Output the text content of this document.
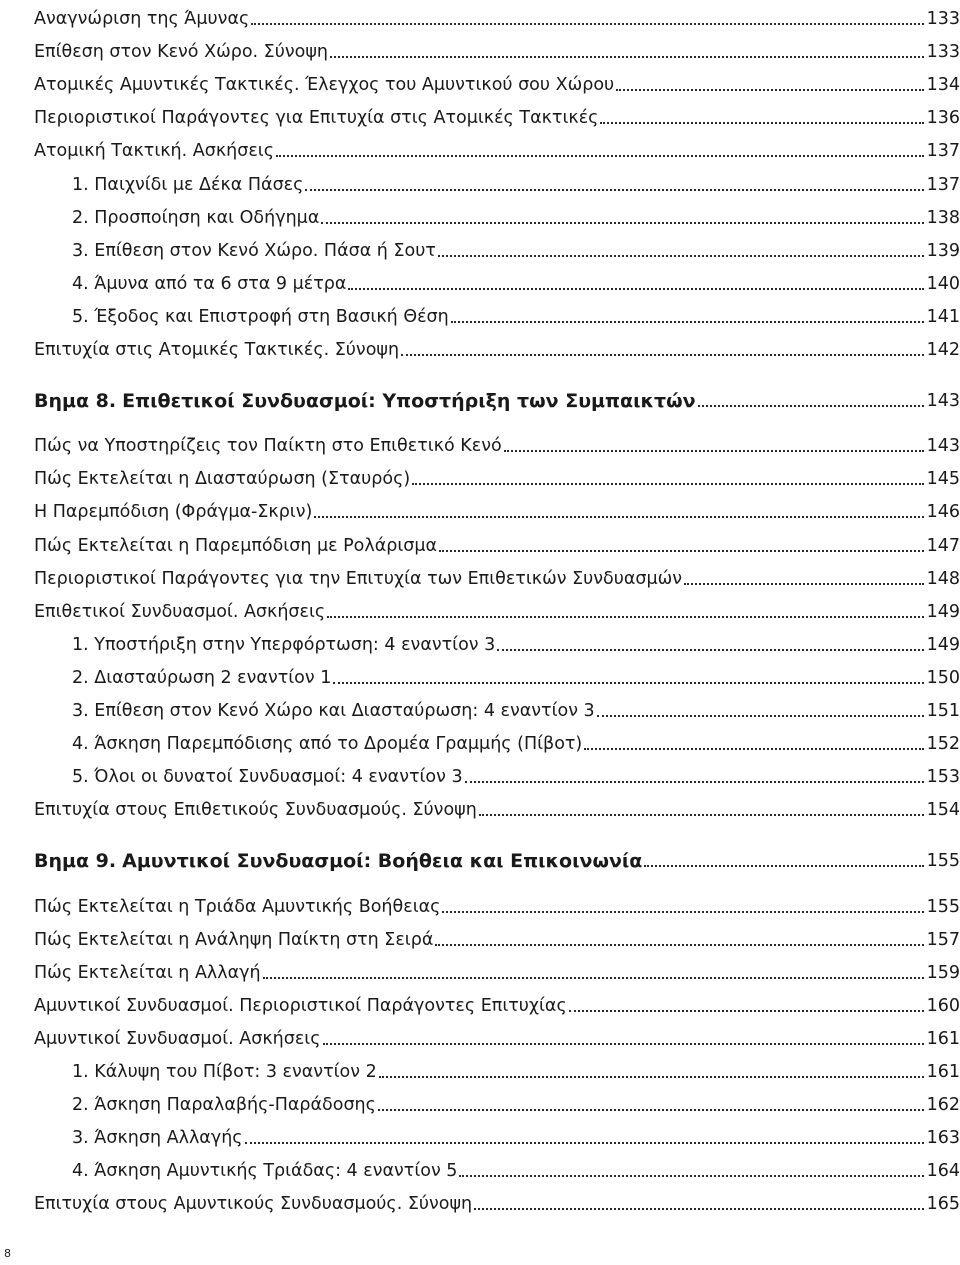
Αναγνώριση της Άμυνας	133
Επίθεση στον Κενό Χώρο. Σύνοψη	133
Ατομικές Αμυντικές Τακτικές. Έλεγχος του Αμυντικού σου Χώρου	134
Περιοριστικοί Παράγοντες για Επιτυχία στις Ατομικές Τακτικές	136
Ατομική Τακτική. Ασκήσεις	137
1. Παιχνίδι με Δέκα Πάσες	137
2. Προσποίηση και Οδήγημα	138
3. Επίθεση στον Κενό Χώρο. Πάσα ή Σουτ	139
4. Άμυνα από τα 6 στα 9 μέτρα	140
5. Έξοδος και Επιστροφή στη Βασική Θέση	141
Επιτυχία στις Ατομικές Τακτικές. Σύνοψη	142
Βημα 8. Επιθετικοί Συνδυασμοί: Υποστήριξη των Συμπαικτών	143
Πώς να Υποστηρίζεις τον Παίκτη στο Επιθετικό Κενό	143
Πώς Εκτελείται η Διασταύρωση (Σταυρός)	145
Η Παρεμπόδιση (Φράγμα-Σκριν)	146
Πώς Εκτελείται η Παρεμπόδιση με Ρολάρισμα	147
Περιοριστικοί Παράγοντες για την Επιτυχία των Επιθετικών Συνδυασμών	148
Επιθετικοί Συνδυασμοί. Ασκήσεις	149
1. Υποστήριξη στην Υπερφόρτωση: 4 εναντίον 3	149
2. Διασταύρωση 2 εναντίον 1	150
3. Επίθεση στον Κενό Χώρο και Διασταύρωση: 4 εναντίον 3	151
4. Άσκηση Παρεμπόδισης από το Δρομέα Γραμμής (Πίβοτ)	152
5. Όλοι οι δυνατοί Συνδυασμοί: 4 εναντίον 3	153
Επιτυχία στους Επιθετικούς Συνδυασμούς. Σύνοψη	154
Βημα 9. Αμυντικοί Συνδυασμοί: Βοήθεια και Επικοινωνία	155
Πώς Εκτελείται η Τριάδα Αμυντικής Βοήθειας	155
Πώς Εκτελείται η Ανάληψη Παίκτη στη Σειρά	157
Πώς Εκτελείται η Αλλαγή	159
Αμυντικοί Συνδυασμοί. Περιοριστικοί Παράγοντες Επιτυχίας	160
Αμυντικοί Συνδυασμοί. Ασκήσεις	161
1. Κάλυψη του Πίβοτ: 3 εναντίον 2	161
2. Άσκηση Παραλαβής-Παράδοσης	162
3. Άσκηση Αλλαγής	163
4. Άσκηση Αμυντικής Τριάδας: 4 εναντίον 5	164
Επιτυχία στους Αμυντικούς Συνδυασμούς. Σύνοψη	165
8
